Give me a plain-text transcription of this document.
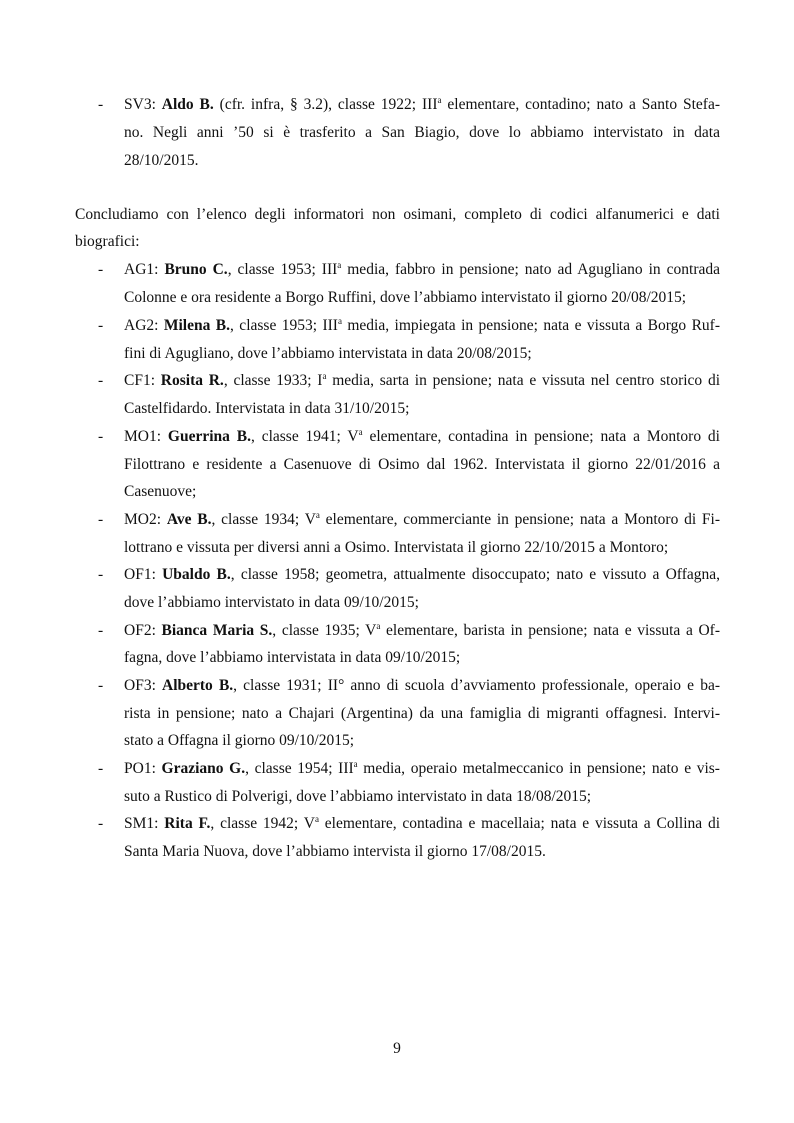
- SV3: Aldo B. (cfr. infra, § 3.2), classe 1922; III$^a$ elementare, contadino; nato a Santo Stefa-
no. Negli anni ’50 si è trasferito a San Biagio, dove lo abbiamo intervistato in data
28/10/2015.
Concludiamo con l’elenco degli informatori non osimani, completo di codici alfanumerici e dati
biografici:
- AG1: Bruno C., classe 1953; III$^a$ media, fabbro in pensione; nato ad Agugliano in contrada
Colonne e ora residente a Borgo Ruffini, dove l’abbiamo intervistato il giorno 20/08/2015;
- AG2: Milena B., classe 1953; III$^a$ media, impiegata in pensione; nata e vissuta a Borgo Ruf-
fini di Agugliano, dove l’abbiamo intervistata in data 20/08/2015;
- CF1: Rosita R., classe 1933; $I^a$ media, sarta in pensione; nata e vissuta nel centro storico di
Castelfidardo. Intervistata in data 31/10/2015;
- MO1: Guerrina B., classe 1941; $V^a$ elementare, contadina in pensione; nata a Montoro di
Filottrano e residente a Casenuove di Osimo dal 1962. Intervistata il giorno 22/01/2016 a
Casenuove;
- MO2: Ave B., classe 1934; $V^a$ elementare, commerciante in pensione; nata a Montoro di Fi-
lottrano e vissuta per diversi anni a Osimo. Intervistata il giorno 22/10/2015 a Montoro;
- OF1: Ubaldo B., classe 1958; geometra, attualmente disoccupato; nato e vissuto a Offagna,
dove l’abbiamo intervistato in data 09/10/2015;
- OF2: Bianca Maria S., classe 1935; $V^a$ elementare, barista in pensione; nata e vissuta a Of-
fagna, dove l’abbiamo intervistata in data 09/10/2015;
- OF3: Alberto B., classe 1931; II° anno di scuola d’avviamento professionale, operaio e ba-
rista in pensione; nato a Chajari (Argentina) da una famiglia di migranti offagnesi. Intervi-
stato a Offagna il giorno 09/10/2015;
- PO1: Graziano G., classe 1954; III$^a$ media, operaio metalmeccanico in pensione; nato e vis-
suto a Rustico di Polverigi, dove l’abbiamo intervistato in data 18/08/2015;
- SM1: Rita F., classe 1942; $V^a$ elementare, contadina e macellaia; nata e vissuta a Collina di
Santa Maria Nuova, dove l’abbiamo intervista il giorno 17/08/2015.
9
